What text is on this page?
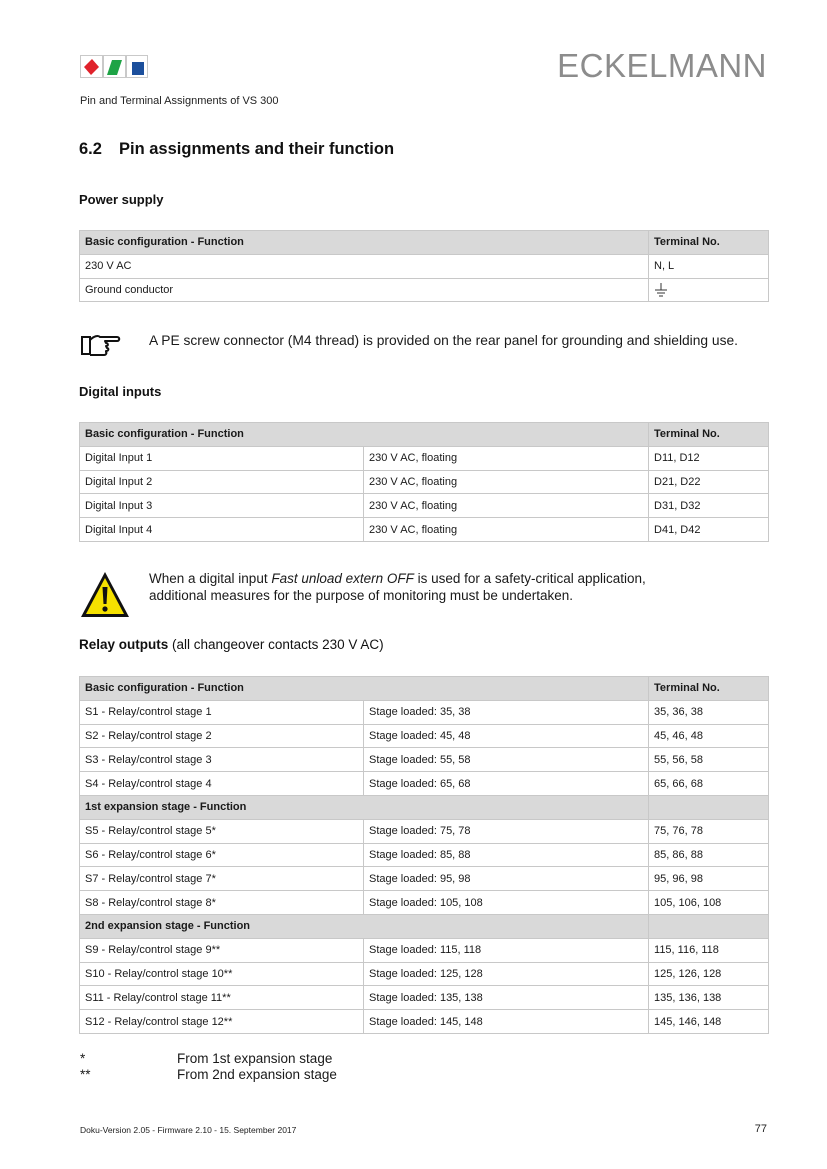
ECKELMANN
Pin and Terminal Assignments of VS 300
6.2 Pin assignments and their function
Power supply
Basic configuration - Function	Terminal No.
230 V AC	N, L
Ground conductor	
A PE screw connector (M4 thread) is provided on the rear panel for grounding and shielding use.
Digital inputs
Basic configuration - Function		Terminal No.
Digital Input 1	230 V AC, floating	D11, D12
Digital Input 2	230 V AC, floating	D21, D22
Digital Input 3	230 V AC, floating	D31, D32
Digital Input 4	230 V AC, floating	D41, D42
When a digital input Fast unload extern OFF is used for a safety-critical application,
additional measures for the purpose of monitoring must be undertaken.
Relay outputs (all changeover contacts 230 V AC)
Basic configuration - Function		Terminal No.
S1 - Relay/control stage 1	Stage loaded: 35, 38	35, 36, 38
S2 - Relay/control stage 2	Stage loaded: 45, 48	45, 46, 48
S3 - Relay/control stage 3	Stage loaded: 55, 58	55, 56, 58
S4 - Relay/control stage 4	Stage loaded: 65, 68	65, 66, 68
1st expansion stage - Function		
S5 - Relay/control stage 5*	Stage loaded: 75, 78	75, 76, 78
S6 - Relay/control stage 6*	Stage loaded: 85, 88	85, 86, 88
S7 - Relay/control stage 7*	Stage loaded: 95, 98	95, 96, 98
S8 - Relay/control stage 8*	Stage loaded: 105, 108	105, 106, 108
2nd expansion stage - Function		
S9 - Relay/control stage 9**	Stage loaded: 115, 118	115, 116, 118
S10 - Relay/control stage 10**	Stage loaded: 125, 128	125, 126, 128
S11 - Relay/control stage 11**	Stage loaded: 135, 138	135, 136, 138
S12 - Relay/control stage 12**	Stage loaded: 145, 148	145, 146, 148
*	From 1st expansion stage
**	From 2nd expansion stage
Doku-Version 2.05 - Firmware 2.10 - 15. September 2017	77
